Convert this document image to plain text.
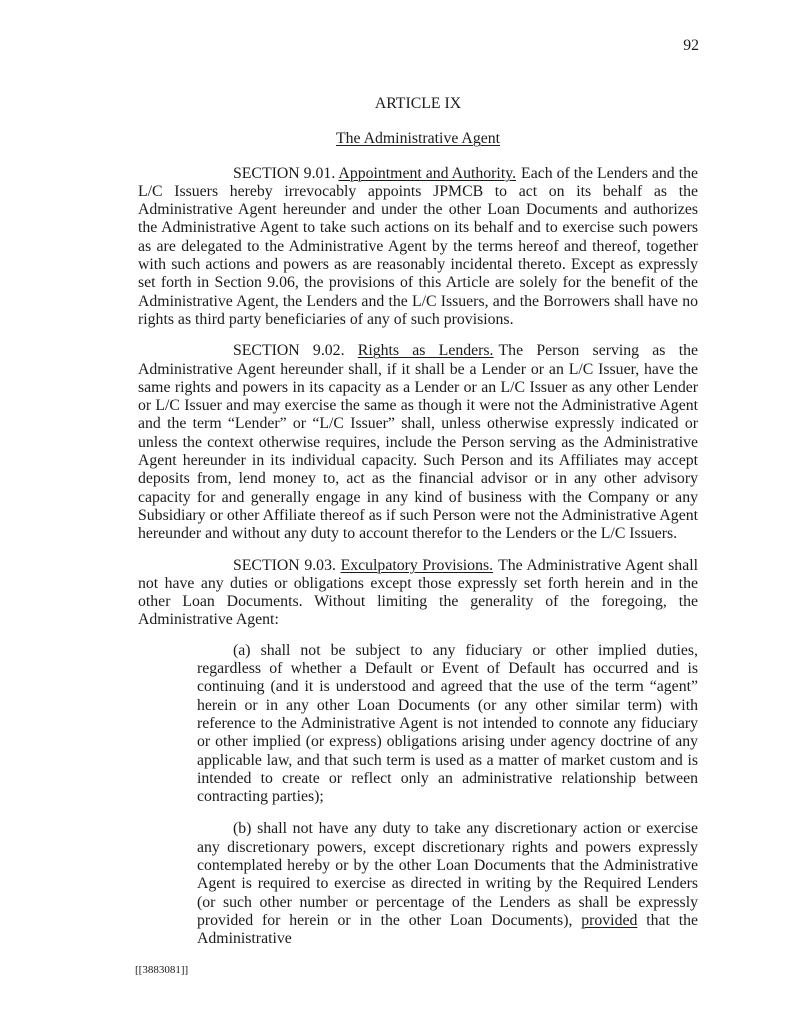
92
ARTICLE IX
The Administrative Agent

SECTION 9.01. Appointment and Authority. Each of the Lenders and the L/C Issuers hereby irrevocably appoints JPMCB to act on its behalf as the Administrative Agent hereunder and under the other Loan Documents and authorizes the Administrative Agent to take such actions on its behalf and to exercise such powers as are delegated to the Administrative Agent by the terms hereof and thereof, together with such actions and powers as are reasonably incidental thereto. Except as expressly set forth in Section 9.06, the provisions of this Article are solely for the benefit of the Administrative Agent, the Lenders and the L/C Issuers, and the Borrowers shall have no rights as third party beneficiaries of any of such provisions.

SECTION 9.02. Rights as Lenders. The Person serving as the Administrative Agent hereunder shall, if it shall be a Lender or an L/C Issuer, have the same rights and powers in its capacity as a Lender or an L/C Issuer as any other Lender or L/C Issuer and may exercise the same as though it were not the Administrative Agent and the term “Lender” or “L/C Issuer” shall, unless otherwise expressly indicated or unless the context otherwise requires, include the Person serving as the Administrative Agent hereunder in its individual capacity. Such Person and its Affiliates may accept deposits from, lend money to, act as the financial advisor or in any other advisory capacity for and generally engage in any kind of business with the Company or any Subsidiary or other Affiliate thereof as if such Person were not the Administrative Agent hereunder and without any duty to account therefor to the Lenders or the L/C Issuers.

SECTION 9.03. Exculpatory Provisions. The Administrative Agent shall not have any duties or obligations except those expressly set forth herein and in the other Loan Documents. Without limiting the generality of the foregoing, the Administrative Agent:

(a) shall not be subject to any fiduciary or other implied duties, regardless of whether a Default or Event of Default has occurred and is continuing (and it is understood and agreed that the use of the term “agent” herein or in any other Loan Documents (or any other similar term) with reference to the Administrative Agent is not intended to connote any fiduciary or other implied (or express) obligations arising under agency doctrine of any applicable law, and that such term is used as a matter of market custom and is intended to create or reflect only an administrative relationship between contracting parties);

(b) shall not have any duty to take any discretionary action or exercise any discretionary powers, except discretionary rights and powers expressly contemplated hereby or by the other Loan Documents that the Administrative Agent is required to exercise as directed in writing by the Required Lenders (or such other number or percentage of the Lenders as shall be expressly provided for herein or in the other Loan Documents), provided that the Administrative

[[3883081]]
